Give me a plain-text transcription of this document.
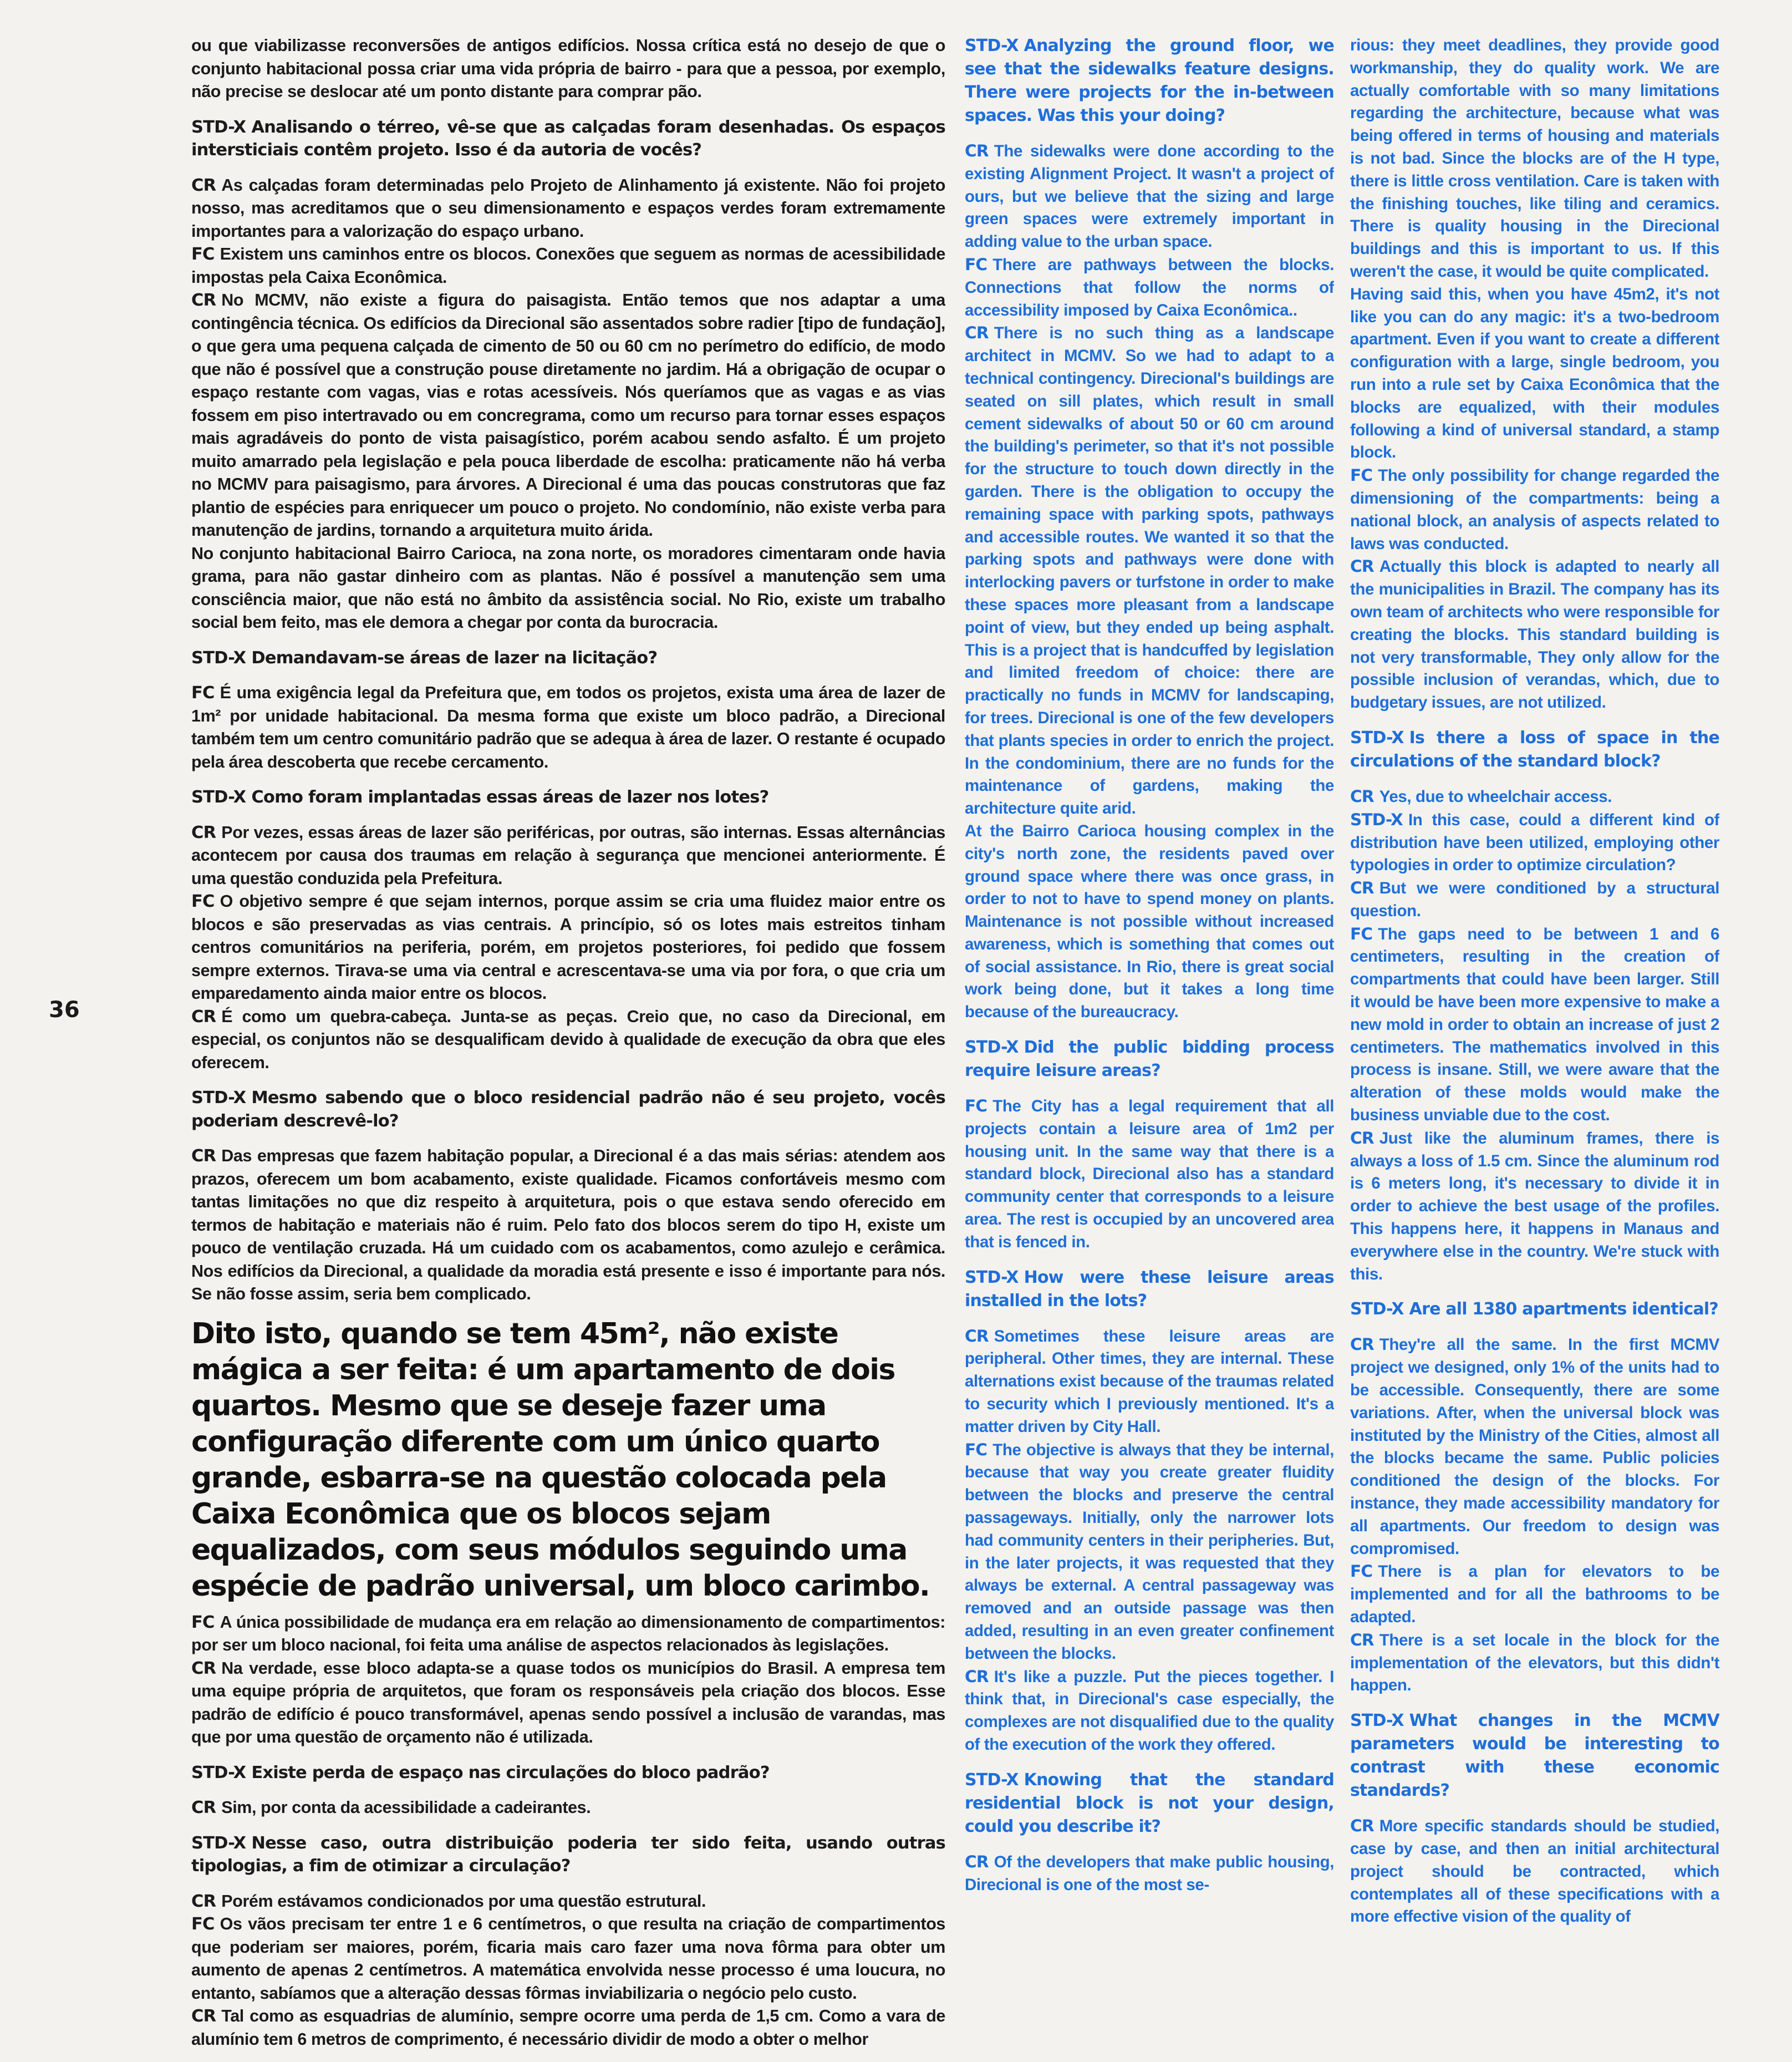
36

ou que viabilizasse reconversões de antigos edifícios. Nossa crítica está no desejo de que o conjunto habitacional possa criar uma vida própria de bairro - para que a pessoa, por exemplo, não precise se deslocar até um ponto distante para comprar pão.

STD-X Analisando o térreo, vê-se que as calçadas foram desenhadas. Os espaços intersticiais contêm projeto. Isso é da autoria de vocês?

CR As calçadas foram determinadas pelo Projeto de Alinhamento já existente. Não foi projeto nosso, mas acreditamos que o seu dimensionamento e espaços verdes foram extremamente importantes para a valorização do espaço urbano.

FC Existem uns caminhos entre os blocos. Conexões que seguem as normas de acessibilidade impostas pela Caixa Econômica.

CR No MCMV, não existe a figura do paisagista. Então temos que nos adaptar a uma contingência técnica. Os edifícios da Direcional são assentados sobre radier [tipo de fundação], o que gera uma pequena calçada de cimento de 50 ou 60 cm no perímetro do edifício, de modo que não é possível que a construção pouse diretamente no jardim. Há a obrigação de ocupar o espaço restante com vagas, vias e rotas acessíveis. Nós queríamos que as vagas e as vias fossem em piso intertravado ou em concregrama, como um recurso para tornar esses espaços mais agradáveis do ponto de vista paisagístico, porém acabou sendo asfalto. É um projeto muito amarrado pela legislação e pela pouca liberdade de escolha: praticamente não há verba no MCMV para paisagismo, para árvores. A Direcional é uma das poucas construtoras que faz plantio de espécies para enriquecer um pouco o projeto. No condomínio, não existe verba para manutenção de jardins, tornando a arquitetura muito árida.

No conjunto habitacional Bairro Carioca, na zona norte, os moradores cimentaram onde havia grama, para não gastar dinheiro com as plantas. Não é possível a manutenção sem uma consciência maior, que não está no âmbito da assistência social. No Rio, existe um trabalho social bem feito, mas ele demora a chegar por conta da burocracia.

STD-X Demandavam-se áreas de lazer na licitação?

FC É uma exigência legal da Prefeitura que, em todos os projetos, exista uma área de lazer de 1m² por unidade habitacional. Da mesma forma que existe um bloco padrão, a Direcional também tem um centro comunitário padrão que se adequa à área de lazer. O restante é ocupado pela área descoberta que recebe cercamento.

STD-X Como foram implantadas essas áreas de lazer nos lotes?

CR Por vezes, essas áreas de lazer são periféricas, por outras, são internas. Essas alternâncias acontecem por causa dos traumas em relação à segurança que mencionei anteriormente. É uma questão conduzida pela Prefeitura.

FC O objetivo sempre é que sejam internos, porque assim se cria uma fluidez maior entre os blocos e são preservadas as vias centrais. A princípio, só os lotes mais estreitos tinham centros comunitários na periferia, porém, em projetos posteriores, foi pedido que fossem sempre externos. Tirava-se uma via central e acrescentava-se uma via por fora, o que cria um emparedamento ainda maior entre os blocos.

CR É como um quebra-cabeça. Junta-se as peças. Creio que, no caso da Direcional, em especial, os conjuntos não se desqualificam devido à qualidade de execução da obra que eles oferecem.

STD-X Mesmo sabendo que o bloco residencial padrão não é seu projeto, vocês poderiam descrevê-lo?

CR Das empresas que fazem habitação popular, a Direcional é a das mais sérias: atendem aos prazos, oferecem um bom acabamento, existe qualidade. Ficamos confortáveis mesmo com tantas limitações no que diz respeito à arquitetura, pois o que estava sendo oferecido em termos de habitação e materiais não é ruim. Pelo fato dos blocos serem do tipo H, existe um pouco de ventilação cruzada. Há um cuidado com os acabamentos, como azulejo e cerâmica. Nos edifícios da Direcional, a qualidade da moradia está presente e isso é importante para nós. Se não fosse assim, seria bem complicado.

Dito isto, quando se tem 45m², não existe mágica a ser feita: é um apartamento de dois quartos. Mesmo que se deseje fazer uma configuração diferente com um único quarto grande, esbarra-se na questão colocada pela Caixa Econômica que os blocos sejam equalizados, com seus módulos seguindo uma espécie de padrão universal, um bloco carimbo.

FC A única possibilidade de mudança era em relação ao dimensionamento de compartimentos: por ser um bloco nacional, foi feita uma análise de aspectos relacionados às legislações.

CR Na verdade, esse bloco adapta-se a quase todos os municípios do Brasil. A empresa tem uma equipe própria de arquitetos, que foram os responsáveis pela criação dos blocos. Esse padrão de edifício é pouco transformável, apenas sendo possível a inclusão de varandas, mas que por uma questão de orçamento não é utilizada.

STD-X Existe perda de espaço nas circulações do bloco padrão?

CR Sim, por conta da acessibilidade a cadeirantes.

STD-X Nesse caso, outra distribuição poderia ter sido feita, usando outras tipologias, a fim de otimizar a circulação?

CR Porém estávamos condicionados por uma questão estrutural.

FC Os vãos precisam ter entre 1 e 6 centímetros, o que resulta na criação de compartimentos que poderiam ser maiores, porém, ficaria mais caro fazer uma nova fôrma para obter um aumento de apenas 2 centímetros. A matemática envolvida nesse processo é uma loucura, no entanto, sabíamos que a alteração dessas fôrmas inviabilizaria o negócio pelo custo.

CR Tal como as esquadrias de alumínio, sempre ocorre uma perda de 1,5 cm. Como a vara de alumínio tem 6 metros de comprimento, é necessário dividir de modo a obter o melhor

STD-X Analyzing the ground floor, we see that the sidewalks feature designs. There were projects for the in-between spaces. Was this your doing?

CR The sidewalks were done according to the existing Alignment Project. It wasn't a project of ours, but we believe that the sizing and large green spaces were extremely important in adding value to the urban space.

FC There are pathways between the blocks. Connections that follow the norms of accessibility imposed by Caixa Econômica..

CR There is no such thing as a landscape architect in MCMV. So we had to adapt to a technical contingency. Direcional's buildings are seated on sill plates, which result in small cement sidewalks of about 50 or 60 cm around the building's perimeter, so that it's not possible for the structure to touch down directly in the garden. There is the obligation to occupy the remaining space with parking spots, pathways and accessible routes. We wanted it so that the parking spots and pathways were done with interlocking pavers or turfstone in order to make these spaces more pleasant from a landscape point of view, but they ended up being asphalt. This is a project that is handcuffed by legislation and limited freedom of choice: there are practically no funds in MCMV for landscaping, for trees. Direcional is one of the few developers that plants species in order to enrich the project. In the condominium, there are no funds for the maintenance of gardens, making the architecture quite arid.

At the Bairro Carioca housing complex in the city's north zone, the residents paved over ground space where there was once grass, in order to not to have to spend money on plants. Maintenance is not possible without increased awareness, which is something that comes out of social assistance. In Rio, there is great social work being done, but it takes a long time because of the bureaucracy.

STD-X Did the public bidding process require leisure areas?

FC The City has a legal requirement that all projects contain a leisure area of 1m2 per housing unit. In the same way that there is a standard block, Direcional also has a standard community center that corresponds to a leisure area. The rest is occupied by an uncovered area that is fenced in.

STD-X How were these leisure areas installed in the lots?

CR Sometimes these leisure areas are peripheral. Other times, they are internal. These alternations exist because of the traumas related to security which I previously mentioned. It's a matter driven by City Hall.

FC The objective is always that they be internal, because that way you create greater fluidity between the blocks and preserve the central passageways. Initially, only the narrower lots had community centers in their peripheries. But, in the later projects, it was requested that they always be external. A central passageway was removed and an outside passage was then added, resulting in an even greater confinement between the blocks.

CR It's like a puzzle. Put the pieces together. I think that, in Direcional's case especially, the complexes are not disqualified due to the quality of the execution of the work they offered.

STD-X Knowing that the standard residential block is not your design, could you describe it?

CR Of the developers that make public housing, Direcional is one of the most se-

rious: they meet deadlines, they provide good workmanship, they do quality work. We are actually comfortable with so many limitations regarding the architecture, because what was being offered in terms of housing and materials is not bad. Since the blocks are of the H type, there is little cross ventilation. Care is taken with the finishing touches, like tiling and ceramics. There is quality housing in the Direcional buildings and this is important to us. If this weren't the case, it would be quite complicated.

Having said this, when you have 45m2, it's not like you can do any magic: it's a two-bedroom apartment. Even if you want to create a different configuration with a large, single bedroom, you run into a rule set by Caixa Econômica that the blocks are equalized, with their modules following a kind of universal standard, a stamp block.

FC The only possibility for change regarded the dimensioning of the compartments: being a national block, an analysis of aspects related to laws was conducted.

CR Actually this block is adapted to nearly all the municipalities in Brazil. The company has its own team of architects who were responsible for creating the blocks. This standard building is not very transformable, They only allow for the possible inclusion of verandas, which, due to budgetary issues, are not utilized.

STD-X Is there a loss of space in the circulations of the standard block?

CR Yes, due to wheelchair access.

STD-X In this case, could a different kind of distribution have been utilized, employing other typologies in order to optimize circulation?

CR But we were conditioned by a structural question.

FC The gaps need to be between 1 and 6 centimeters, resulting in the creation of compartments that could have been larger. Still it would be have been more expensive to make a new mold in order to obtain an increase of just 2 centimeters. The mathematics involved in this process is insane. Still, we were aware that the alteration of these molds would make the business unviable due to the cost.

CR Just like the aluminum frames, there is always a loss of 1.5 cm. Since the aluminum rod is 6 meters long, it's necessary to divide it in order to achieve the best usage of the profiles. This happens here, it happens in Manaus and everywhere else in the country. We're stuck with this.

STD-X Are all 1380 apartments identical?

CR They're all the same. In the first MCMV project we designed, only 1% of the units had to be accessible. Consequently, there are some variations. After, when the universal block was instituted by the Ministry of the Cities, almost all the blocks became the same. Public policies conditioned the design of the blocks. For instance, they made accessibility mandatory for all apartments. Our freedom to design was compromised.

FC There is a plan for elevators to be implemented and for all the bathrooms to be adapted.

CR There is a set locale in the block for the implementation of the elevators, but this didn't happen.

STD-X What changes in the MCMV parameters would be interesting to contrast with these economic standards?

CR More specific standards should be studied, case by case, and then an initial architectural project should be contracted, which contemplates all of these specifications with a more effective vision of the quality of
